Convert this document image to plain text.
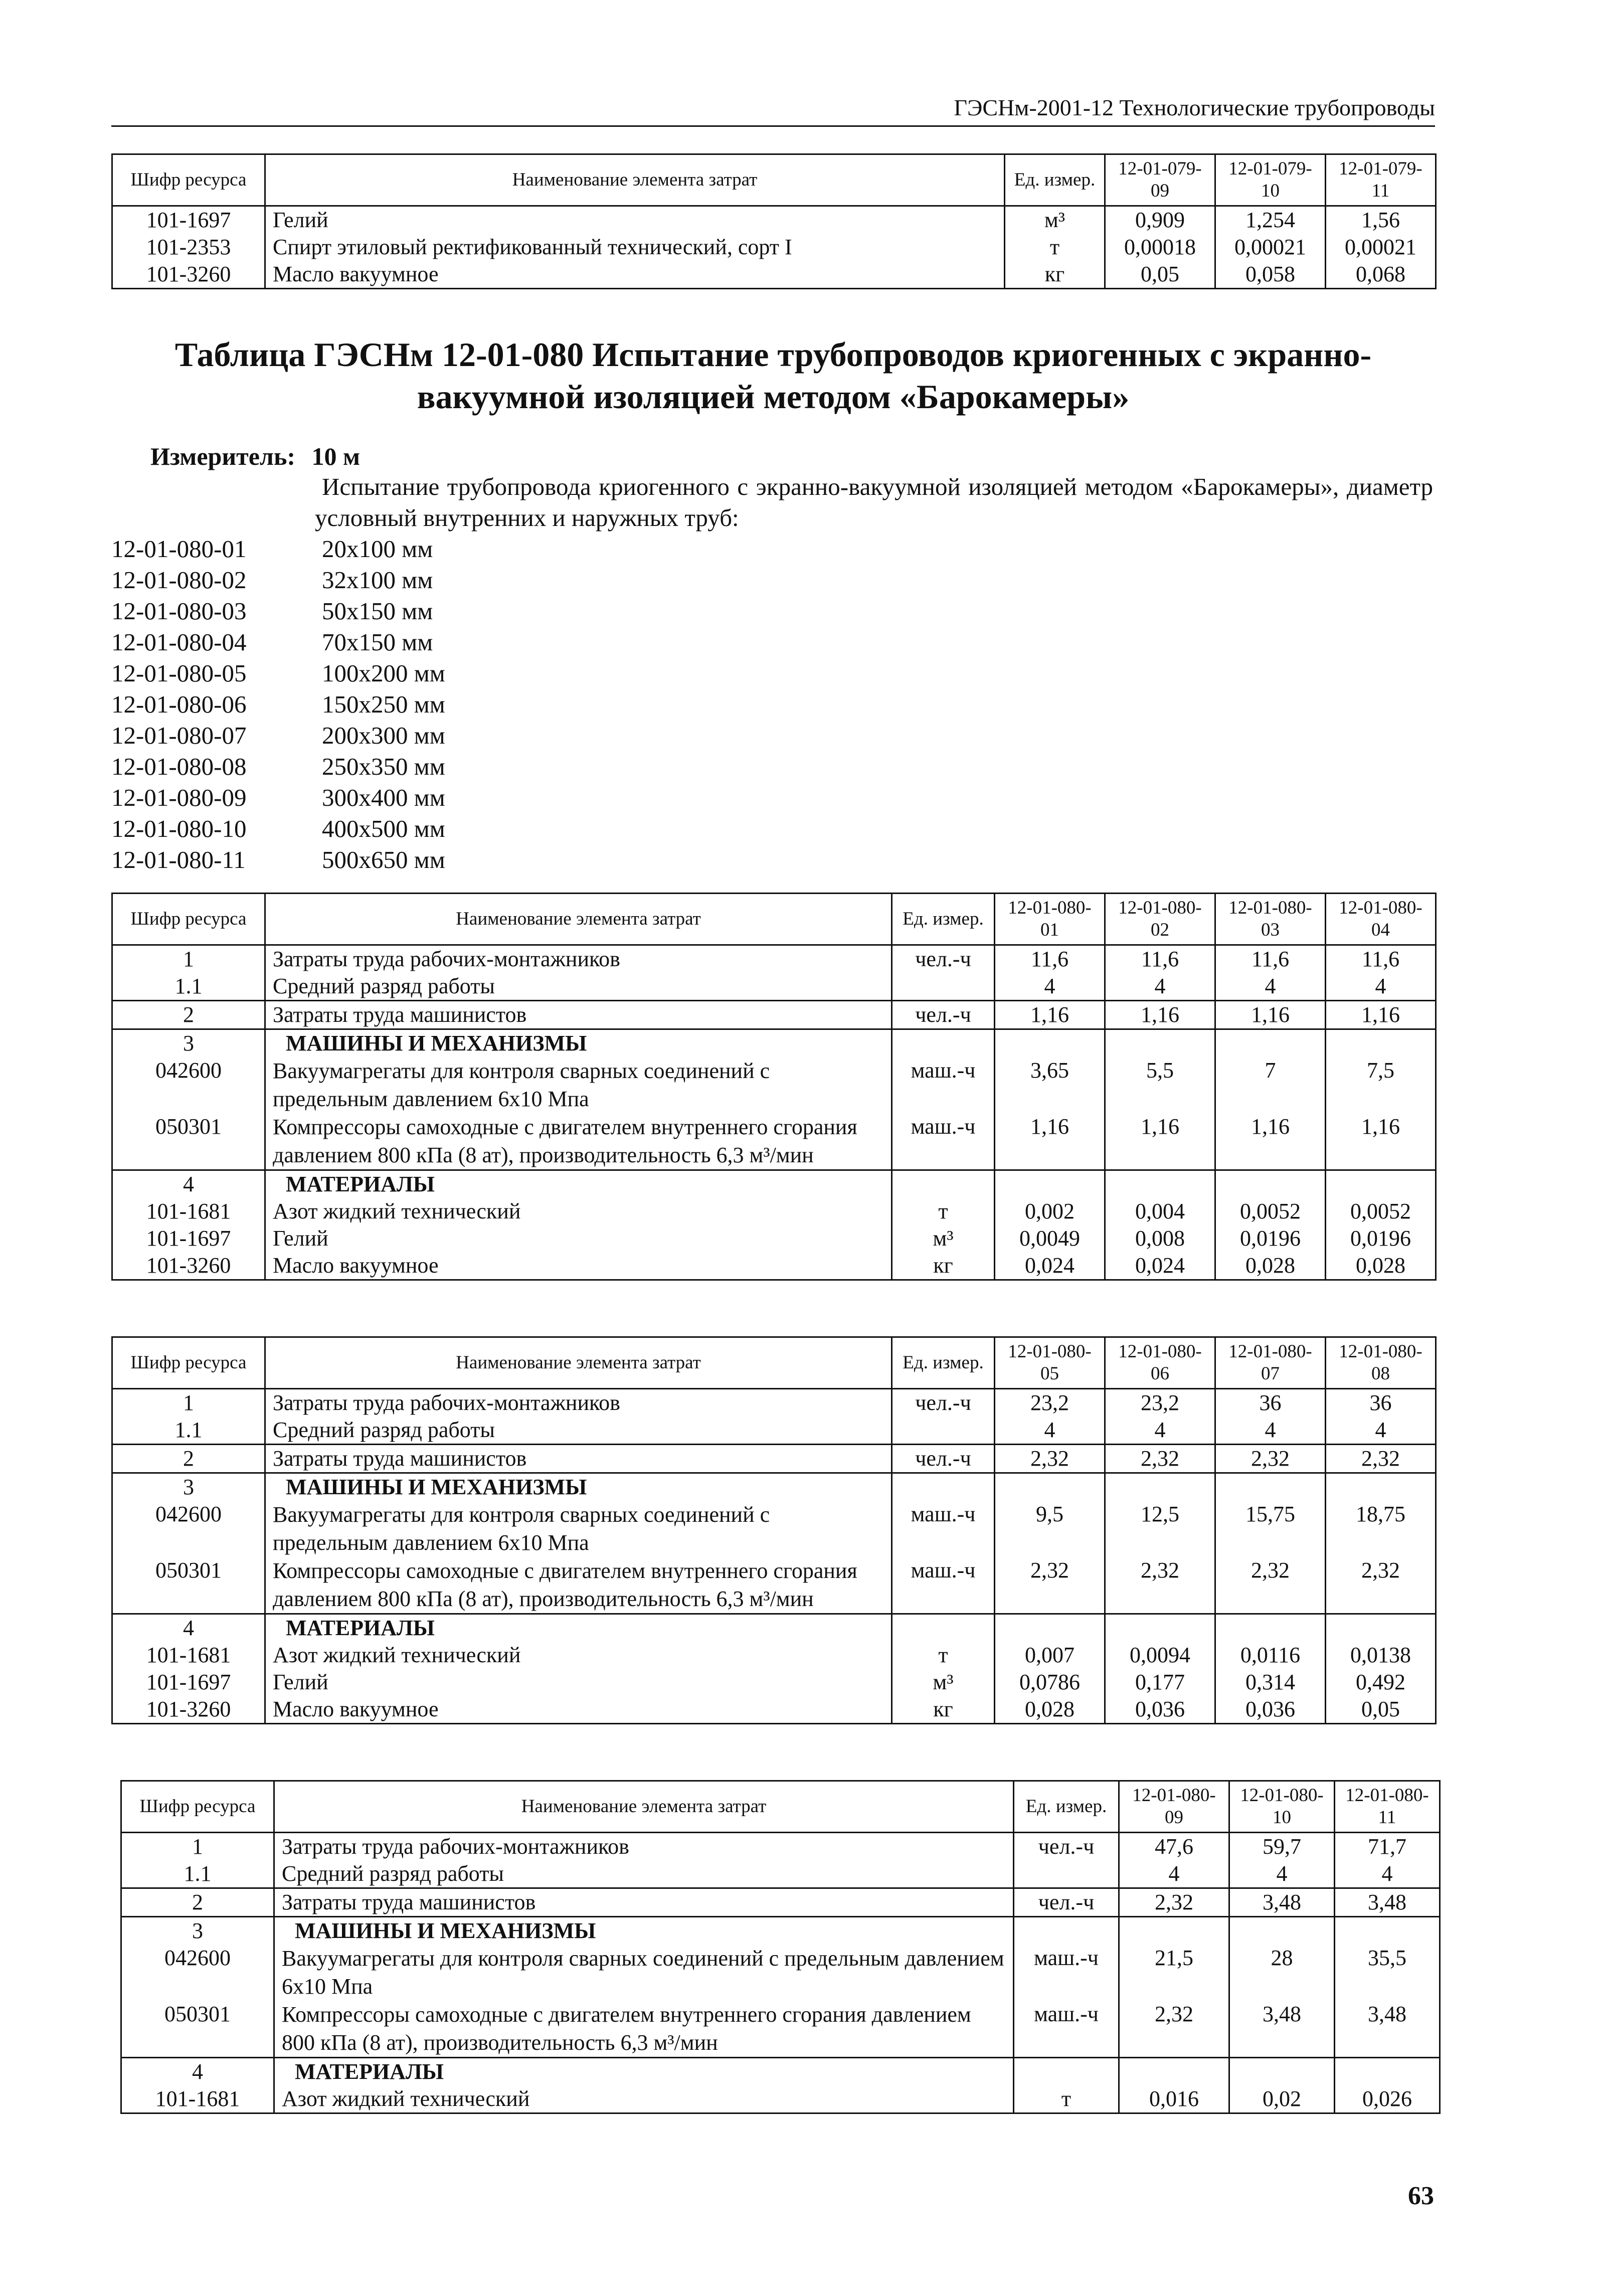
ГЭСНм-2001-12 Технологические трубопроводы
Шифр ресурса	Наименование элемента затрат	Ед. измер.	12-01-079-09	12-01-079-10	12-01-079-11
101-1697	Гелий	м³	0,909	1,254	1,56
101-2353	Спирт этиловый ректификованный технический, сорт I	т	0,00018	0,00021	0,00021
101-3260	Масло вакуумное	кг	0,05	0,058	0,068
Таблица ГЭСНм 12-01-080 Испытание трубопроводов криогенных с экранно-вакуумной изоляцией методом «Барокамеры»
Измеритель: 10 м
Испытание трубопровода криогенного с экранно-вакуумной изоляцией методом «Барокамеры», диаметр условный внутренних и наружных труб:
12-01-080-01	20х100 мм
12-01-080-02	32х100 мм
12-01-080-03	50х150 мм
12-01-080-04	70х150 мм
12-01-080-05	100х200 мм
12-01-080-06	150х250 мм
12-01-080-07	200х300 мм
12-01-080-08	250х350 мм
12-01-080-09	300х400 мм
12-01-080-10	400х500 мм
12-01-080-11	500х650 мм
Шифр ресурса	Наименование элемента затрат	Ед. измер.	12-01-080-01	12-01-080-02	12-01-080-03	12-01-080-04
1	Затраты труда рабочих-монтажников	чел.-ч	11,6	11,6	11,6	11,6
1.1	Средний разряд работы		4	4	4	4
2	Затраты труда машинистов	чел.-ч	1,16	1,16	1,16	1,16
3	МАШИНЫ И МЕХАНИЗМЫ					
042600	Вакуумагрегаты для контроля сварных соединений с предельным давлением 6х10 Мпа	маш.-ч	3,65	5,5	7	7,5
050301	Компрессоры самоходные с двигателем внутреннего сгорания давлением 800 кПа (8 ат), производительность 6,3 м³/мин	маш.-ч	1,16	1,16	1,16	1,16
4	МАТЕРИАЛЫ					
101-1681	Азот жидкий технический	т	0,002	0,004	0,0052	0,0052
101-1697	Гелий	м³	0,0049	0,008	0,0196	0,0196
101-3260	Масло вакуумное	кг	0,024	0,024	0,028	0,028
Шифр ресурса	Наименование элемента затрат	Ед. измер.	12-01-080-05	12-01-080-06	12-01-080-07	12-01-080-08
1	Затраты труда рабочих-монтажников	чел.-ч	23,2	23,2	36	36
1.1	Средний разряд работы		4	4	4	4
2	Затраты труда машинистов	чел.-ч	2,32	2,32	2,32	2,32
3	МАШИНЫ И МЕХАНИЗМЫ					
042600	Вакуумагрегаты для контроля сварных соединений с предельным давлением 6х10 Мпа	маш.-ч	9,5	12,5	15,75	18,75
050301	Компрессоры самоходные с двигателем внутреннего сгорания давлением 800 кПа (8 ат), производительность 6,3 м³/мин	маш.-ч	2,32	2,32	2,32	2,32
4	МАТЕРИАЛЫ					
101-1681	Азот жидкий технический	т	0,007	0,0094	0,0116	0,0138
101-1697	Гелий	м³	0,0786	0,177	0,314	0,492
101-3260	Масло вакуумное	кг	0,028	0,036	0,036	0,05
Шифр ресурса	Наименование элемента затрат	Ед. измер.	12-01-080-09	12-01-080-10	12-01-080-11
1	Затраты труда рабочих-монтажников	чел.-ч	47,6	59,7	71,7
1.1	Средний разряд работы		4	4	4
2	Затраты труда машинистов	чел.-ч	2,32	3,48	3,48
3	МАШИНЫ И МЕХАНИЗМЫ				
042600	Вакуумагрегаты для контроля сварных соединений с предельным давлением 6х10 Мпа	маш.-ч	21,5	28	35,5
050301	Компрессоры самоходные с двигателем внутреннего сгорания давлением 800 кПа (8 ат), производительность 6,3 м³/мин	маш.-ч	2,32	3,48	3,48
4	МАТЕРИАЛЫ				
101-1681	Азот жидкий технический	т	0,016	0,02	0,026
63
